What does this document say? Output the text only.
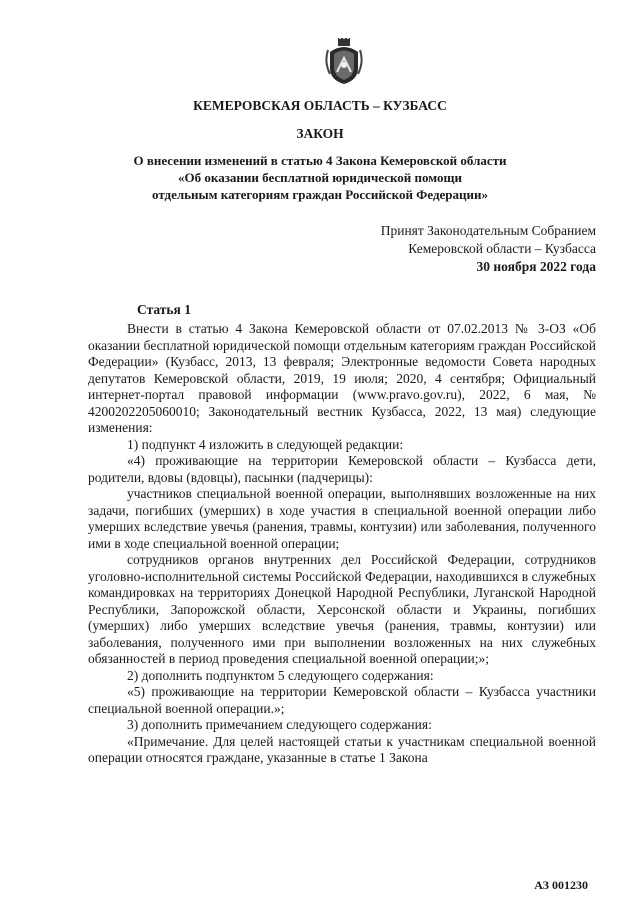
КЕМЕРОВСКАЯ ОБЛАСТЬ – КУЗБАСС
ЗАКОН
О внесении изменений в статью 4 Закона Кемеровской области
«Об оказании бесплатной юридической помощи
отдельным категориям граждан Российской Федерации»
Принят Законодательным Собранием
Кемеровской области – Кузбасса
30 ноября 2022 года
Статья 1

Внести в статью 4 Закона Кемеровской области от 07.02.2013 № 3-ОЗ «Об оказании бесплатной юридической помощи отдельным категориям граждан Российской Федерации» (Кузбасс, 2013, 13 февраля; Электронные ведомости Совета народных депутатов Кемеровской области, 2019, 19 июля; 2020, 4 сентября; Официальный интернет-портал правовой информации (www.pravo.gov.ru), 2022, 6 мая, № 4200202205060010; Законодательный вестник Кузбасса, 2022, 13 мая) следующие изменения:

1) подпункт 4 изложить в следующей редакции:

«4) проживающие на территории Кемеровской области – Кузбасса дети, родители, вдовы (вдовцы), пасынки (падчерицы):

участников специальной военной операции, выполнявших возложенные на них задачи, погибших (умерших) в ходе участия в специальной военной операции либо умерших вследствие увечья (ранения, травмы, контузии) или заболевания, полученного ими в ходе специальной военной операции;

сотрудников органов внутренних дел Российской Федерации, сотрудников уголовно-исполнительной системы Российской Федерации, находившихся в служебных командировках на территориях Донецкой Народной Республики, Луганской Народной Республики, Запорожской области, Херсонской области и Украины, погибших (умерших) либо умерших вследствие увечья (ранения, травмы, контузии) или заболевания, полученного ими при выполнении возложенных на них служебных обязанностей в период проведения специальной военной операции;»;

2) дополнить подпунктом 5 следующего содержания:

«5) проживающие на территории Кемеровской области – Кузбасса участники специальной военной операции.»;

3) дополнить примечанием следующего содержания:

«Примечание. Для целей настоящей статьи к участникам специальной военной операции относятся граждане, указанные в статье 1 Закона

АЗ 001230
